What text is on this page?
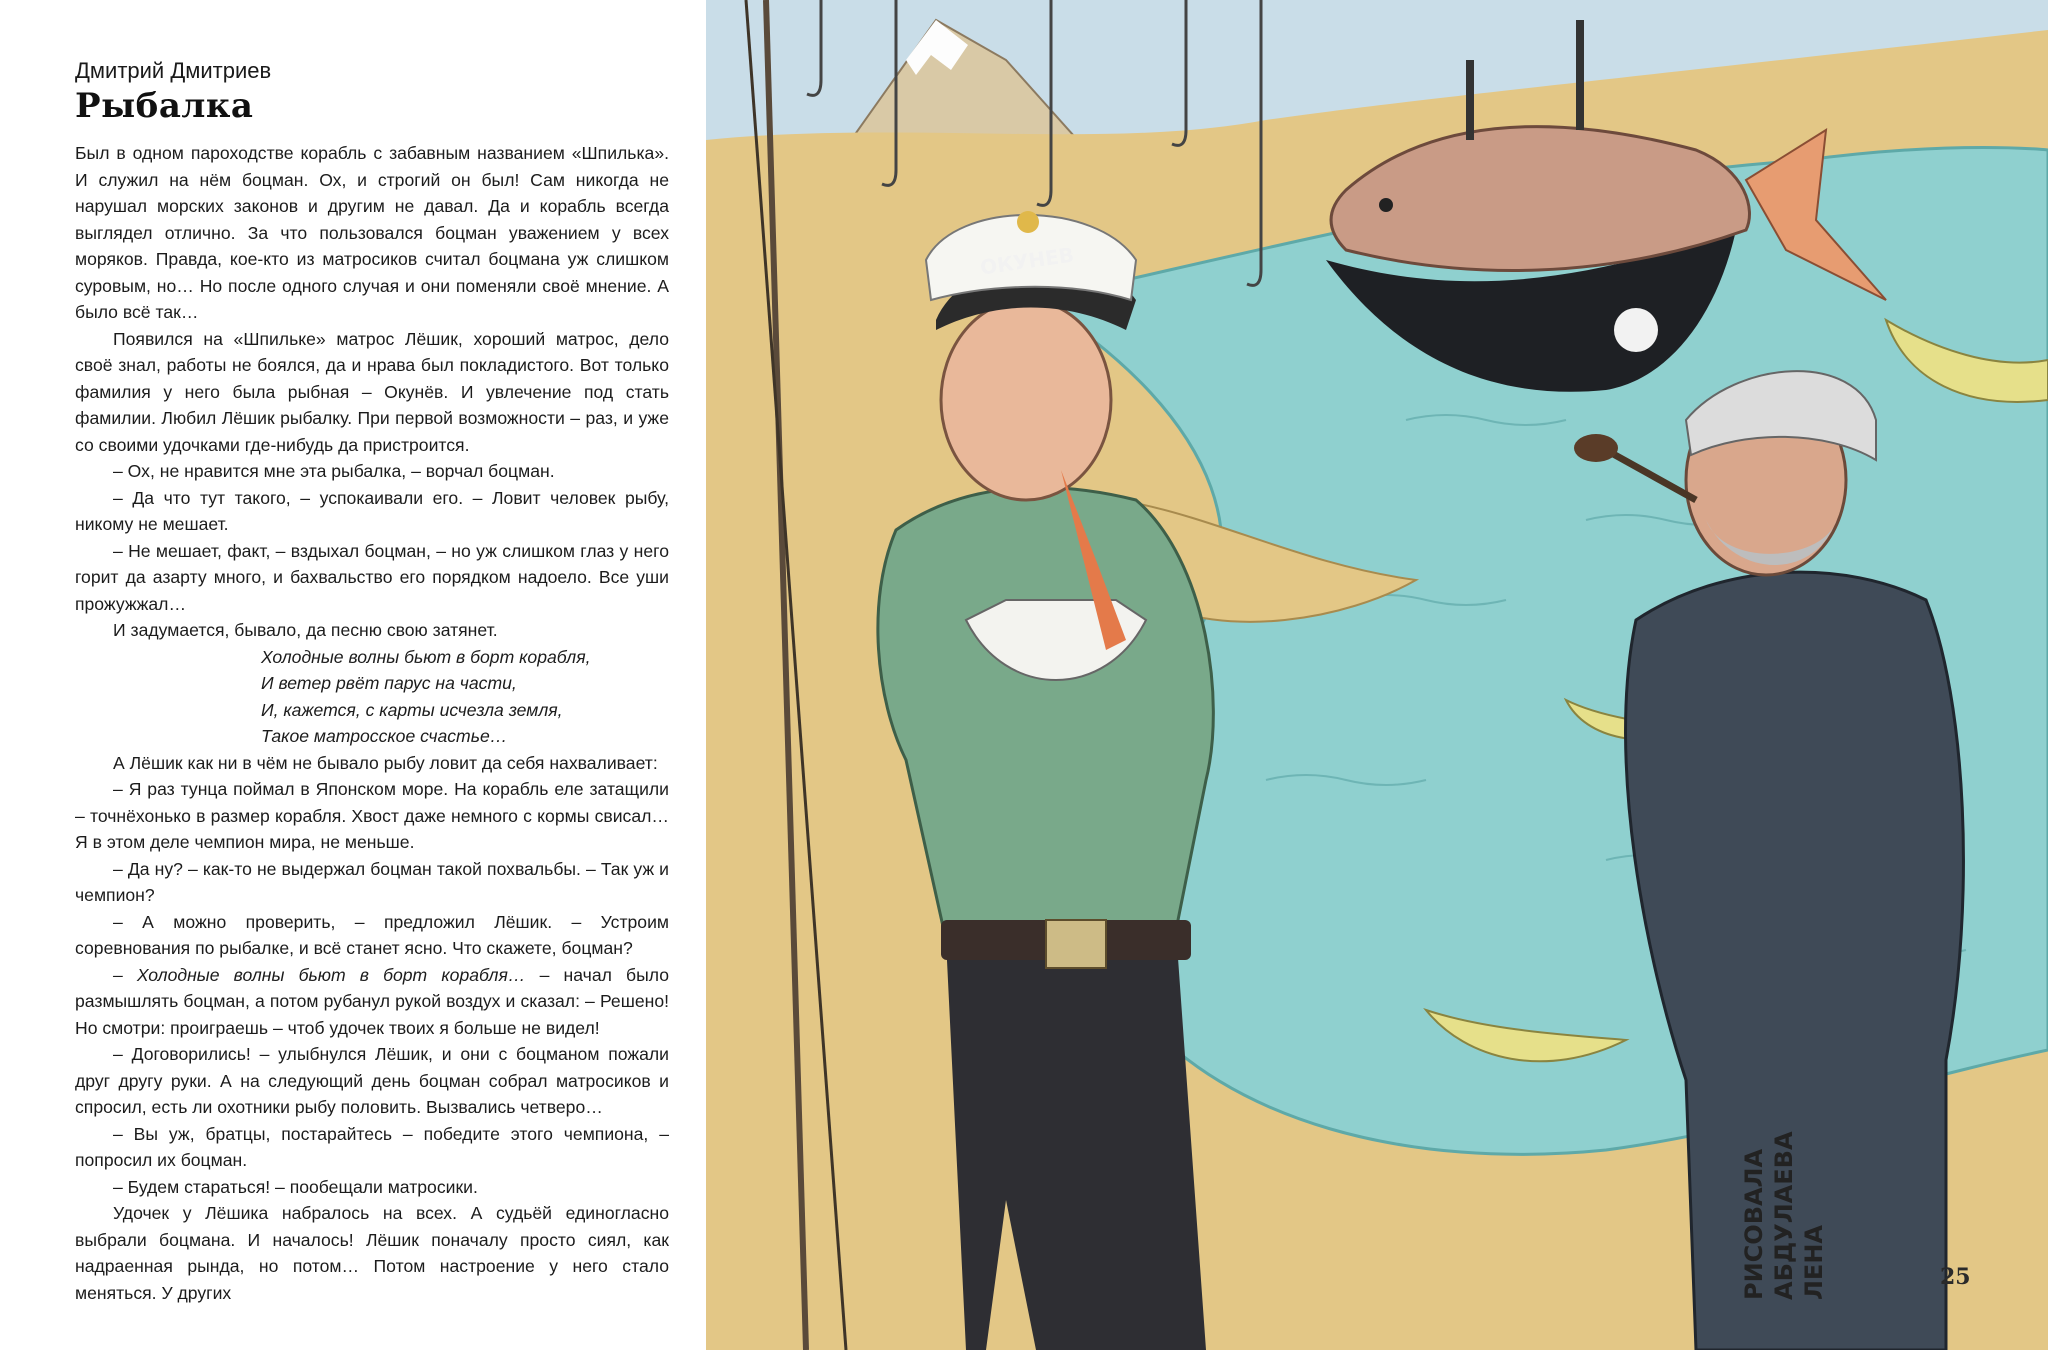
Дмитрий Дмитриев
Рыбалка

Был в одном пароходстве корабль с забавным названием «Шпилька». И служил на нём боцман. Ох, и строгий он был! Сам никогда не нарушал морских законов и другим не давал. Да и корабль всегда выглядел отлично. За что пользовался боцман уважением у всех моряков. Правда, кое-кто из матросиков считал боцмана уж слишком суровым, но… Но после одного случая и они поменяли своё мнение. А было всё так…

Появился на «Шпильке» матрос Лёшик, хороший матрос, дело своё знал, работы не боялся, да и нрава был покладистого. Вот только фамилия у него была рыбная – Окунёв. И увлечение под стать фамилии. Любил Лёшик рыбалку. При первой возможности – раз, и уже со своими удочками где-нибудь да пристроится.

– Ох, не нравится мне эта рыбалка, – ворчал боцман.

– Да что тут такого, – успокаивали его. – Ловит человек рыбу, никому не мешает.

– Не мешает, факт, – вздыхал боцман, – но уж слишком глаз у него горит да азарту много, и бахвальство его порядком надоело. Все уши прожужжал…

И задумается, бывало, да песню свою затянет.

Холодные волны бьют в борт корабля,

И ветер рвёт парус на части,

И, кажется, с карты исчезла земля,

Такое матросское счастье…

А Лёшик как ни в чём не бывало рыбу ловит да себя нахваливает:

– Я раз тунца поймал в Японском море. На корабль еле затащили – точнёхонько в размер корабля. Хвост даже немного с кормы свисал… Я в этом деле чемпион мира, не меньше.

– Да ну? – как-то не выдержал боцман такой похвальбы. – Так уж и чемпион?

– А можно проверить, – предложил Лёшик. – Устроим соревнования по рыбалке, и всё станет ясно. Что скажете, боцман?

– Холодные волны бьют в борт корабля… – начал было размышлять боцман, а потом рубанул рукой воздух и сказал: – Решено! Но смотри: проиграешь – чтоб удочек твоих я больше не видел!

– Договорились! – улыбнулся Лёшик, и они с боцманом пожали друг другу руки. А на следующий день боцман собрал матросиков и спросил, есть ли охотники рыбу половить. Вызвались четверо…

– Вы уж, братцы, постарайтесь – победите этого чемпиона, – попросил их боцман.

– Будем стараться! – пообещали матросики.

Удочек у Лёшика набралось на всех. А судьёй единогласно выбрали боцмана. И началось! Лёшик поначалу просто сиял, как надраенная рында, но потом… Потом настроение у него стало меняться. У других

ОКУНЕВ
РИСОВАЛА АБДУЛАЕВА ЛЕНА	25
